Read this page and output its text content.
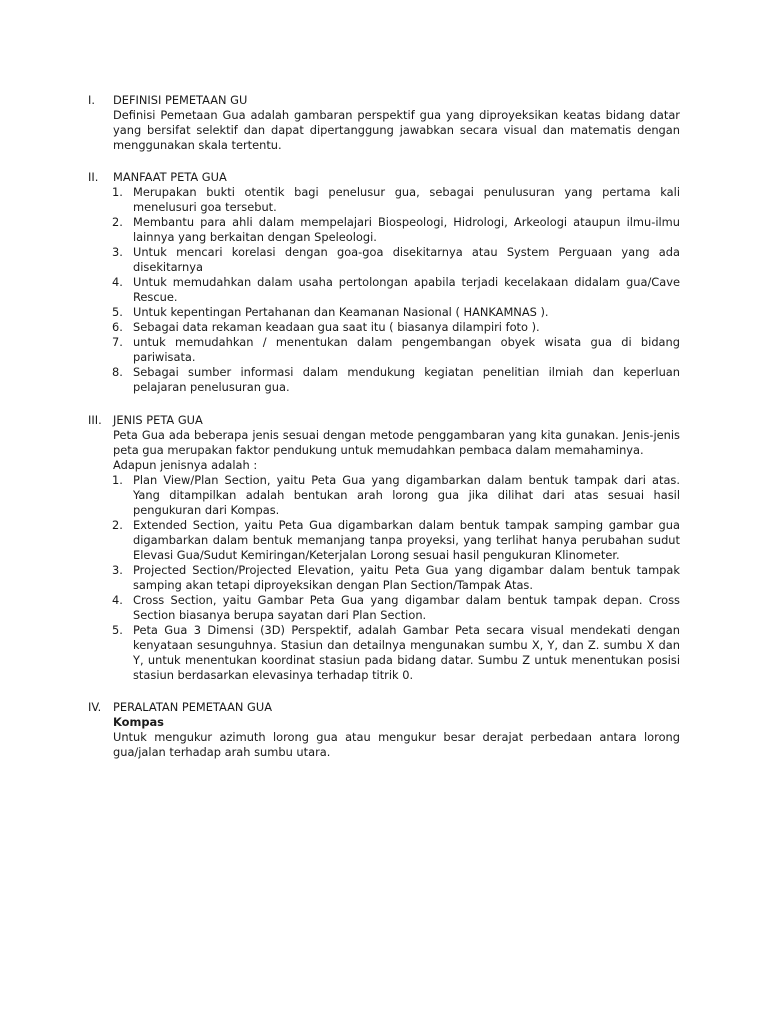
I. DEFINISI PEMETAAN GU
Definisi Pemetaan Gua adalah gambaran perspektif gua yang diproyeksikan keatas bidang datar yang bersifat selektif dan dapat dipertanggung jawabkan secara visual dan matematis dengan menggunakan skala tertentu.
II. MANFAAT PETA GUA
1. Merupakan bukti otentik bagi penelusur gua, sebagai penulusuran yang pertama kali menelusuri goa tersebut.
2. Membantu para ahli dalam mempelajari Biospeologi, Hidrologi, Arkeologi ataupun ilmu-ilmu lainnya yang berkaitan dengan Speleologi.
3. Untuk mencari korelasi dengan goa-goa disekitarnya atau System Perguaan yang ada disekitarnya
4. Untuk memudahkan dalam usaha pertolongan apabila terjadi kecelakaan didalam gua/Cave Rescue.
5. Untuk kepentingan Pertahanan dan Keamanan Nasional ( HANKAMNAS ).
6. Sebagai data rekaman keadaan gua saat itu ( biasanya dilampiri foto ).
7. untuk memudahkan / menentukan dalam pengembangan obyek wisata gua di bidang pariwisata.
8. Sebagai sumber informasi dalam mendukung kegiatan penelitian ilmiah dan keperluan pelajaran penelusuran gua.
III. JENIS PETA GUA
Peta Gua ada beberapa jenis sesuai dengan metode penggambaran yang kita gunakan. Jenis-jenis peta gua merupakan faktor pendukung untuk memudahkan pembaca dalam memahaminya.
Adapun jenisnya adalah :
1. Plan View/Plan Section, yaitu Peta Gua yang digambarkan dalam bentuk tampak dari atas. Yang ditampilkan adalah bentukan arah lorong gua jika dilihat dari atas sesuai hasil pengukuran dari Kompas.
2. Extended Section, yaitu Peta Gua digambarkan dalam bentuk tampak samping gambar gua digambarkan dalam bentuk memanjang tanpa proyeksi, yang terlihat hanya perubahan sudut Elevasi Gua/Sudut Kemiringan/Keterjalan Lorong sesuai hasil pengukuran Klinometer.
3. Projected Section/Projected Elevation, yaitu Peta Gua yang digambar dalam bentuk tampak samping akan tetapi diproyeksikan dengan Plan Section/Tampak Atas.
4. Cross Section, yaitu Gambar Peta Gua yang digambar dalam bentuk tampak depan. Cross Section biasanya berupa sayatan dari Plan Section.
5. Peta Gua 3 Dimensi (3D) Perspektif, adalah Gambar Peta secara visual mendekati dengan kenyataan sesunguhnya. Stasiun dan detailnya mengunakan sumbu X, Y, dan Z. sumbu X dan Y, untuk menentukan koordinat stasiun pada bidang datar. Sumbu Z untuk menentukan posisi stasiun berdasarkan elevasinya terhadap titrik 0.
IV. PERALATAN PEMETAAN GUA
Kompas
Untuk mengukur azimuth lorong gua atau mengukur besar derajat perbedaan antara lorong gua/jalan terhadap arah sumbu utara.
